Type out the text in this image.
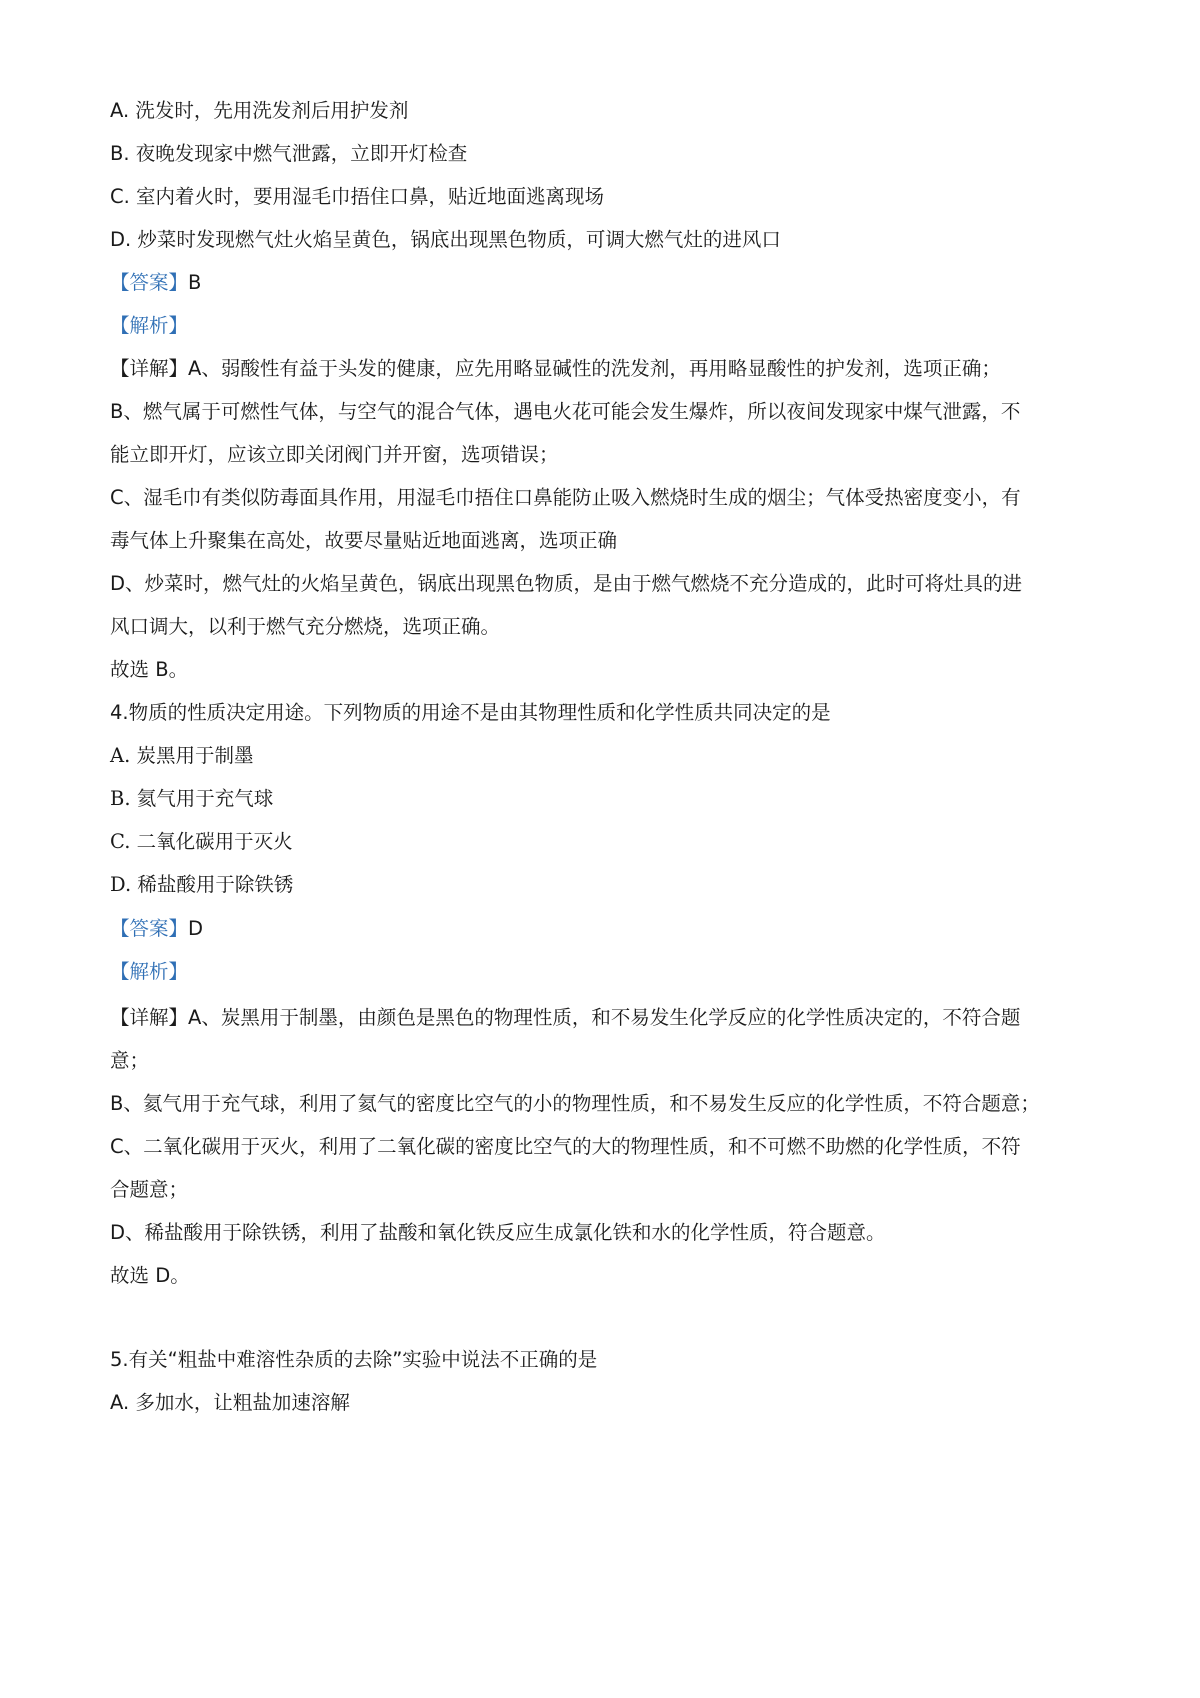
A. 洗发时，先用洗发剂后用护发剂
B. 夜晚发现家中燃气泄露，立即开灯检查
C. 室内着火时，要用湿毛巾捂住口鼻，贴近地面逃离现场
D. 炒菜时发现燃气灶火焰呈黄色，锅底出现黑色物质，可调大燃气灶的进风口
【答案】B
【解析】
【详解】A、弱酸性有益于头发的健康，应先用略显碱性的洗发剂，再用略显酸性的护发剂，选项正确；
B、燃气属于可燃性气体，与空气的混合气体，遇电火花可能会发生爆炸，所以夜间发现家中煤气泄露，不
能立即开灯，应该立即关闭阀门并开窗，选项错误；
C、湿毛巾有类似防毒面具作用，用湿毛巾捂住口鼻能防止吸入燃烧时生成的烟尘；气体受热密度变小，有
毒气体上升聚集在高处，故要尽量贴近地面逃离，选项正确
D、炒菜时，燃气灶的火焰呈黄色，锅底出现黑色物质，是由于燃气燃烧不充分造成的，此时可将灶具的进
风口调大，以利于燃气充分燃烧，选项正确。
故选 B。
4.物质的性质决定用途。下列物质的用途不是由其物理性质和化学性质共同决定的是
A. 炭黑用于制墨
B. 氦气用于充气球
C. 二氧化碳用于灭火
D. 稀盐酸用于除铁锈
【答案】D
【解析】
【详解】A、炭黑用于制墨，由颜色是黑色的物理性质，和不易发生化学反应的化学性质决定的，不符合题
意；
B、氦气用于充气球，利用了氦气的密度比空气的小的物理性质，和不易发生反应的化学性质，不符合题意；
C、二氧化碳用于灭火，利用了二氧化碳的密度比空气的大的物理性质，和不可燃不助燃的化学性质，不符
合题意；
D、稀盐酸用于除铁锈，利用了盐酸和氧化铁反应生成氯化铁和水的化学性质，符合题意。
故选 D。
5.有关“粗盐中难溶性杂质的去除”实验中说法不正确的是
A. 多加水，让粗盐加速溶解
